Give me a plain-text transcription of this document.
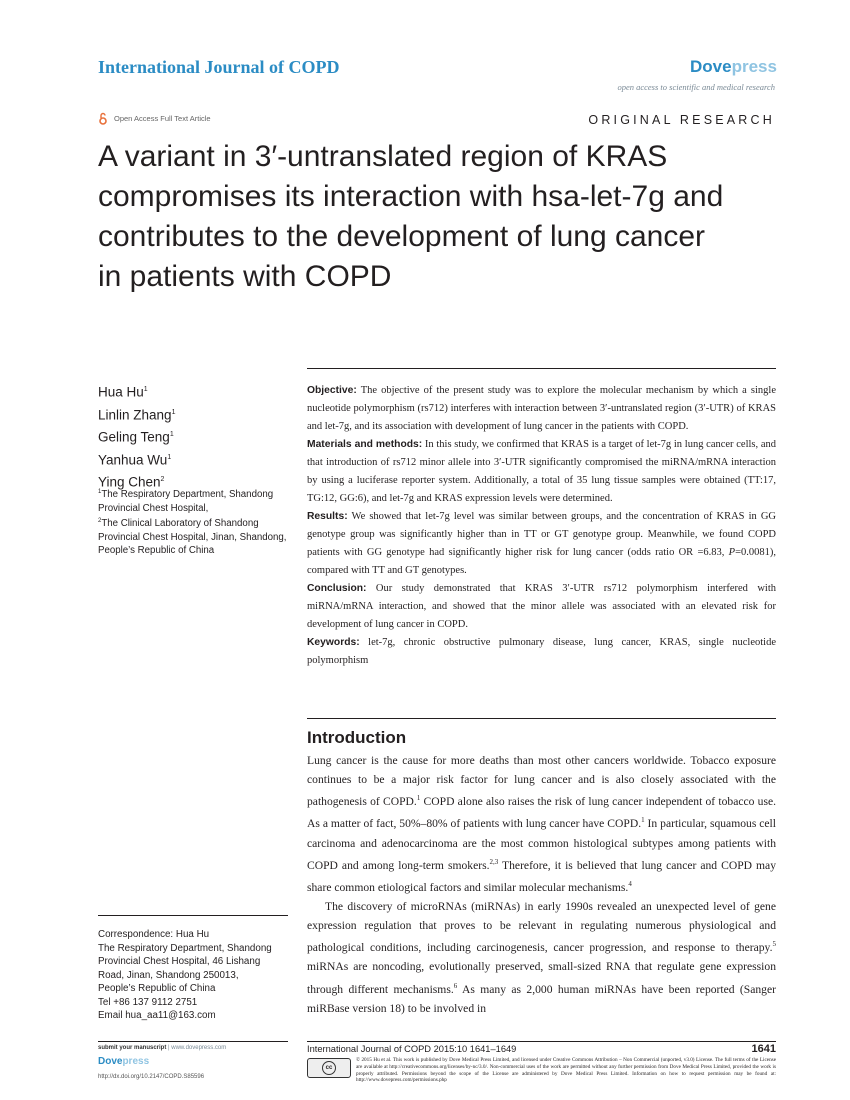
International Journal of COPD	Dovepress
open access to scientific and medical research
Open Access Full Text Article	ORIGINAL RESEARCH
A variant in 3′-untranslated region of KRAS compromises its interaction with hsa-let-7g and contributes to the development of lung cancer in patients with COPD
Hua Hu$^1$
Linlin Zhang$^1$
Geling Teng$^1$
Yanhua Wu$^1$
Ying Chen$^2$
$^1$The Respiratory Department, Shandong Provincial Chest Hospital,
$^2$The Clinical Laboratory of Shandong Provincial Chest Hospital, Jinan, Shandong, People’s Republic of China

Objective: The objective of the present study was to explore the molecular mechanism by which a single nucleotide polymorphism (rs712) interferes with interaction between 3′-untranslated region (3′-UTR) of KRAS and let-7g, and its association with development of lung cancer in the patients with COPD.

Materials and methods: In this study, we confirmed that KRAS is a target of let-7g in lung cancer cells, and that introduction of rs712 minor allele into 3′-UTR significantly compromised the miRNA/mRNA interaction by using a luciferase reporter system. Additionally, a total of 35 lung tissue samples were obtained (TT:17, TG:12, GG:6), and let-7g and KRAS expression levels were determined.

Results: We showed that let-7g level was similar between groups, and the concentration of KRAS in GG genotype group was significantly higher than in TT or GT genotype group. Meanwhile, we found COPD patients with GG genotype had significantly higher risk for lung cancer (odds ratio OR =6.83, P=0.0081), compared with TT and GT genotypes.

Conclusion: Our study demonstrated that KRAS 3′-UTR rs712 polymorphism interfered with miRNA/mRNA interaction, and showed that the minor allele was associated with an elevated risk for development of lung cancer in COPD.

Keywords: let-7g, chronic obstructive pulmonary disease, lung cancer, KRAS, single nucleotide polymorphism

Introduction

Lung cancer is the cause for more deaths than most other cancers worldwide. Tobacco exposure continues to be a major risk factor for lung cancer and is also closely associated with the pathogenesis of COPD.$^1$ COPD alone also raises the risk of lung cancer independent of tobacco use. As a matter of fact, 50%–80% of patients with lung cancer have COPD.$^1$ In particular, squamous cell carcinoma and adenocarcinoma are the most common histological subtypes among patients with COPD and among long-term smokers.$^{2,3}$ Therefore, it is believed that lung cancer and COPD may share common etiological factors and similar molecular mechanisms.$^4$

The discovery of microRNAs (miRNAs) in early 1990s revealed an unexpected level of gene expression regulation that proves to be relevant in regulating numerous physiological and pathological conditions, including carcinogenesis, cancer progression, and response to therapy.$^5$ miRNAs are noncoding, evolutionally preserved, small-sized RNA that regulate gene expression through different mechanisms.$^6$ As many as 2,000 human miRNAs have been reported (Sanger miRBase version 18) to be involved in

Correspondence: Hua Hu
The Respiratory Department, Shandong
Provincial Chest Hospital, 46 Lishang
Road, Jinan, Shandong 250013,
People’s Republic of China
Tel +86 137 9112 2751
Email hua_aa11@163.com
submit your manuscript | www.dovepress.com
Dovepress
http://dx.doi.org/10.2147/COPD.S85596
International Journal of COPD 2015:10 1641–1649	1641
cc
© 2015 Hu et al. This work is published by Dove Medical Press Limited, and licensed under Creative Commons Attribution – Non Commercial (unported, v3.0) License. The full terms of the License are available at http://creativecommons.org/licenses/by-nc/3.0/. Non-commercial uses of the work are permitted without any further permission from Dove Medical Press Limited, provided the work is properly attributed. Permissions beyond the scope of the License are administered by Dove Medical Press Limited. Information on how to request permission may be found at: http://www.dovepress.com/permissions.php
